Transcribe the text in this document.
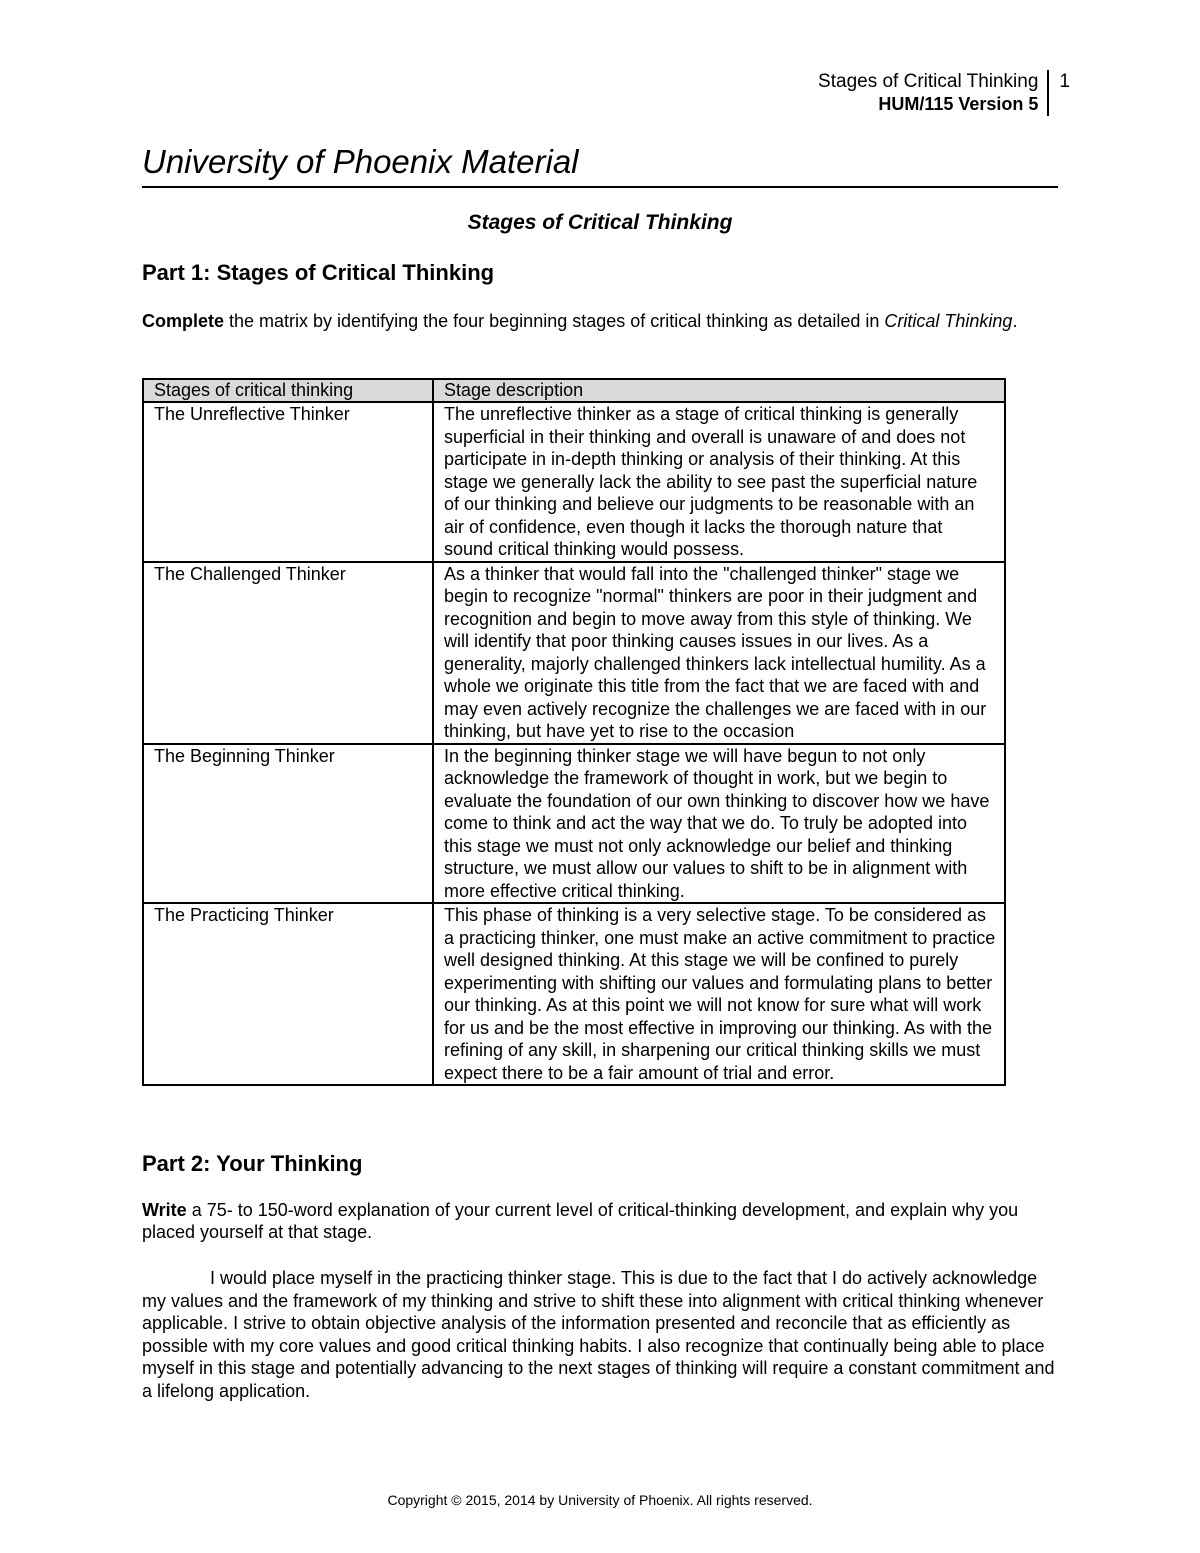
Stages of Critical Thinking
HUM/115 Version 5
1
University of Phoenix Material
Stages of Critical Thinking
Part 1: Stages of Critical Thinking
Complete the matrix by identifying the four beginning stages of critical thinking as detailed in Critical Thinking.
Stages of critical thinking	Stage description
The Unreflective Thinker	The unreflective thinker as a stage of critical thinking is generally superficial in their thinking and overall is unaware of and does not participate in in-depth thinking or analysis of their thinking. At this stage we generally lack the ability to see past the superficial nature of our thinking and believe our judgments to be reasonable with an air of confidence, even though it lacks the thorough nature that sound critical thinking would possess.
The Challenged Thinker	As a thinker that would fall into the "challenged thinker" stage we begin to recognize "normal" thinkers are poor in their judgment and recognition and begin to move away from this style of thinking. We will identify that poor thinking causes issues in our lives. As a generality, majorly challenged thinkers lack intellectual humility. As a whole we originate this title from the fact that we are faced with and may even actively recognize the challenges we are faced with in our thinking, but have yet to rise to the occasion
The Beginning Thinker	In the beginning thinker stage we will have begun to not only acknowledge the framework of thought in work, but we begin to evaluate the foundation of our own thinking to discover how we have come to think and act the way that we do. To truly be adopted into this stage we must not only acknowledge our belief and thinking structure, we must allow our values to shift to be in alignment with more effective critical thinking.
The Practicing Thinker	This phase of thinking is a very selective stage. To be considered as a practicing thinker, one must make an active commitment to practice well designed thinking. At this stage we will be confined to purely experimenting with shifting our values and formulating plans to better our thinking. As at this point we will not know for sure what will work for us and be the most effective in improving our thinking. As with the refining of any skill, in sharpening our critical thinking skills we must expect there to be a fair amount of trial and error.
Part 2: Your Thinking
Write a 75- to 150-word explanation of your current level of critical-thinking development, and explain why you placed yourself at that stage.

I would place myself in the practicing thinker stage. This is due to the fact that I do actively acknowledge my values and the framework of my thinking and strive to shift these into alignment with critical thinking whenever applicable. I strive to obtain objective analysis of the information presented and reconcile that as efficiently as possible with my core values and good critical thinking habits. I also recognize that continually being able to place myself in this stage and potentially advancing to the next stages of thinking will require a constant commitment and a lifelong application.

Copyright © 2015, 2014 by University of Phoenix. All rights reserved.
